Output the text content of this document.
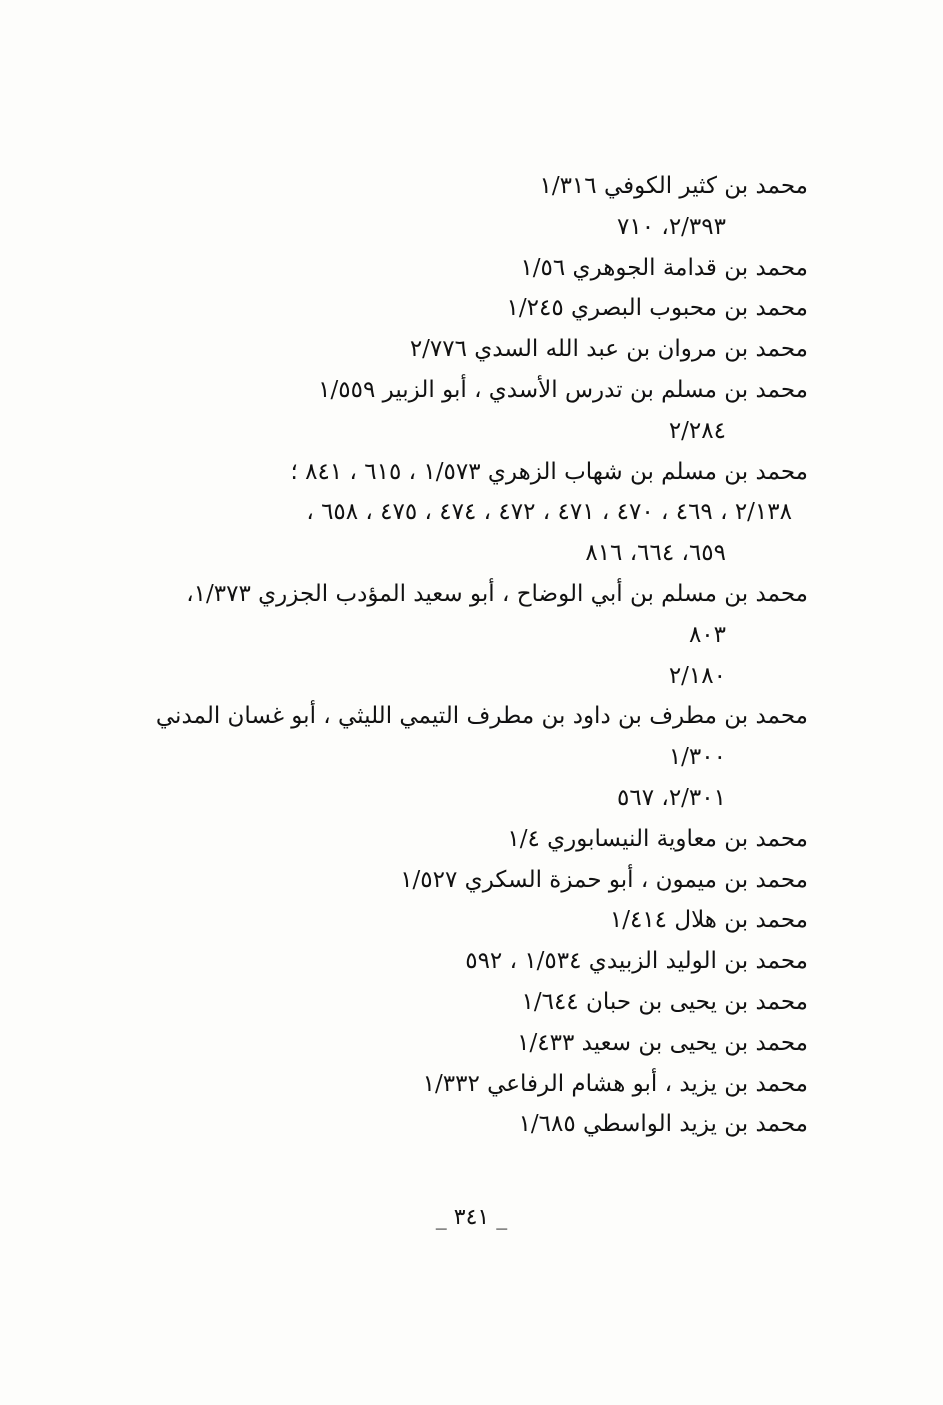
محمد بن كثير الكوفي ١/٣١٦
٢/٣٩٣، ٧١٠
محمد بن قدامة الجوهري ١/٥٦
محمد بن محبوب البصري ١/٢٤٥
محمد بن مروان بن عبد الله السدي ٢/٧٧٦
محمد بن مسلم بن تدرس الأسدي ، أبو الزبير ١/٥٥٩
٢/٢٨٤
محمد بن مسلم بن شهاب الزهري ١/٥٧٣ ، ٦١٥ ، ٨٤١ ؛
٢/١٣٨ ، ٤٦٩ ، ٤٧٠ ، ٤٧١ ، ٤٧٢ ، ٤٧٤ ، ٤٧٥ ، ٦٥٨ ،
٦٥٩، ٦٦٤، ٨١٦
محمد بن مسلم بن أبي الوضاح ، أبو سعيد المؤدب الجزري ١/٣٧٣،
٨٠٣
٢/١٨٠
محمد بن مطرف بن داود بن مطرف التيمي الليثي ، أبو غسان المدني
١/٣٠٠
٢/٣٠١، ٥٦٧
محمد بن معاوية النيسابوري ١/٤
محمد بن ميمون ، أبو حمزة السكري ١/٥٢٧
محمد بن هلال ١/٤١٤
محمد بن الوليد الزبيدي ١/٥٣٤ ، ٥٩٢
محمد بن يحيى بن حبان ١/٦٤٤
محمد بن يحيى بن سعيد ١/٤٣٣
محمد بن يزيد ، أبو هشام الرفاعي ١/٣٣٢
محمد بن يزيد الواسطي ١/٦٨٥
_ ٣٤١ _
